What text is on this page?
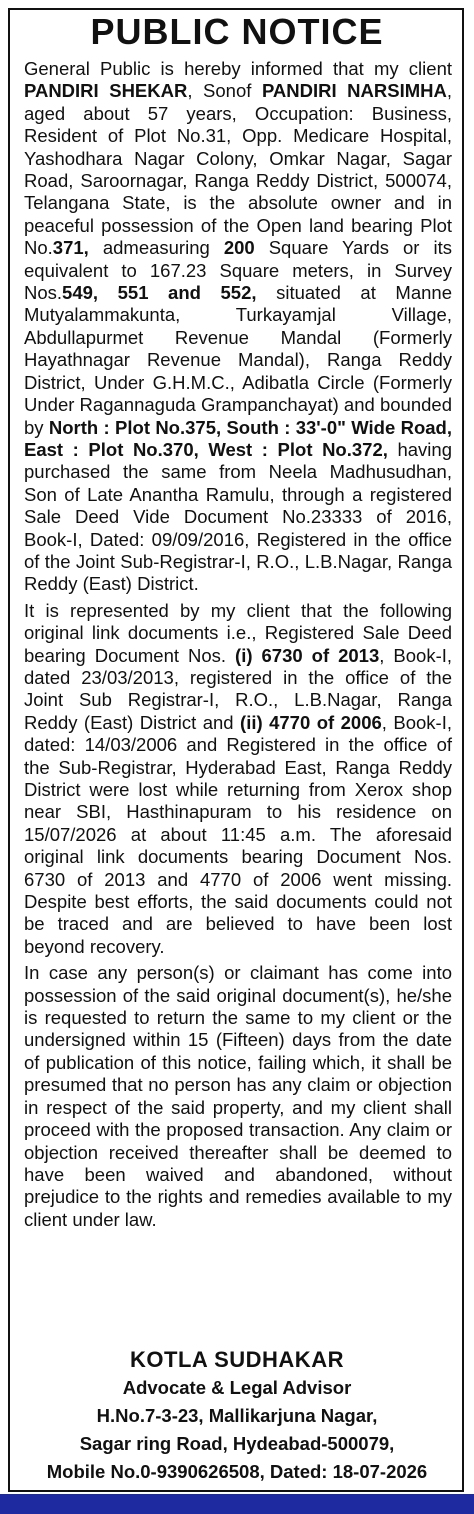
PUBLIC NOTICE

General Public is hereby informed that my client PANDIRI SHEKAR, Sonof PANDIRI NARSIMHA, aged about 57 years, Occupation: Business, Resident of Plot No.31, Opp. Medicare Hospital, Yashodhara Nagar Colony, Omkar Nagar, Sagar Road, Saroornagar, Ranga Reddy District, 500074, Telangana State, is the absolute owner and in peaceful possession of the Open land bearing Plot No.371, admeasuring 200 Square Yards or its equivalent to 167.23 Square meters, in Survey Nos.549, 551 and 552, situated at Manne Mutyalammakunta, Turkayamjal Village, Abdullapurmet Revenue Mandal (Formerly Hayathnagar Revenue Mandal), Ranga Reddy District, Under G.H.M.C., Adibatla Circle (Formerly Under Ragannaguda Grampanchayat) and bounded by North : Plot No.375, South : 33'-0" Wide Road, East : Plot No.370, West : Plot No.372, having purchased the same from Neela Madhusudhan, Son of Late Anantha Ramulu, through a registered Sale Deed Vide Document No.23333 of 2016, Book-I, Dated: 09/09/2016, Registered in the office of the Joint Sub-Registrar-I, R.O., L.B.Nagar, Ranga Reddy (East) District.

It is represented by my client that the following original link documents i.e., Registered Sale Deed bearing Document Nos. (i) 6730 of 2013, Book-I, dated 23/03/2013, registered in the office of the Joint Sub Registrar-I, R.O., L.B.Nagar, Ranga Reddy (East) District and (ii) 4770 of 2006, Book-I, dated: 14/03/2006 and Registered in the office of the Sub-Registrar, Hyderabad East, Ranga Reddy District were lost while returning from Xerox shop near SBI, Hasthinapuram to his residence on 15/07/2026 at about 11:45 a.m. The aforesaid original link documents bearing Document Nos. 6730 of 2013 and 4770 of 2006 went missing. Despite best efforts, the said documents could not be traced and are believed to have been lost beyond recovery.

In case any person(s) or claimant has come into possession of the said original document(s), he/she is requested to return the same to my client or the undersigned within 15 (Fifteen) days from the date of publication of this notice, failing which, it shall be presumed that no person has any claim or objection in respect of the said property, and my client shall proceed with the proposed transaction. Any claim or objection received thereafter shall be deemed to have been waived and abandoned, without prejudice to the rights and remedies available to my client under law.

KOTLA SUDHAKAR
Advocate & Legal Advisor
H.No.7-3-23, Mallikarjuna Nagar,
Sagar ring Road, Hydeabad-500079,
Mobile No.0-9390626508, Dated: 18-07-2026
